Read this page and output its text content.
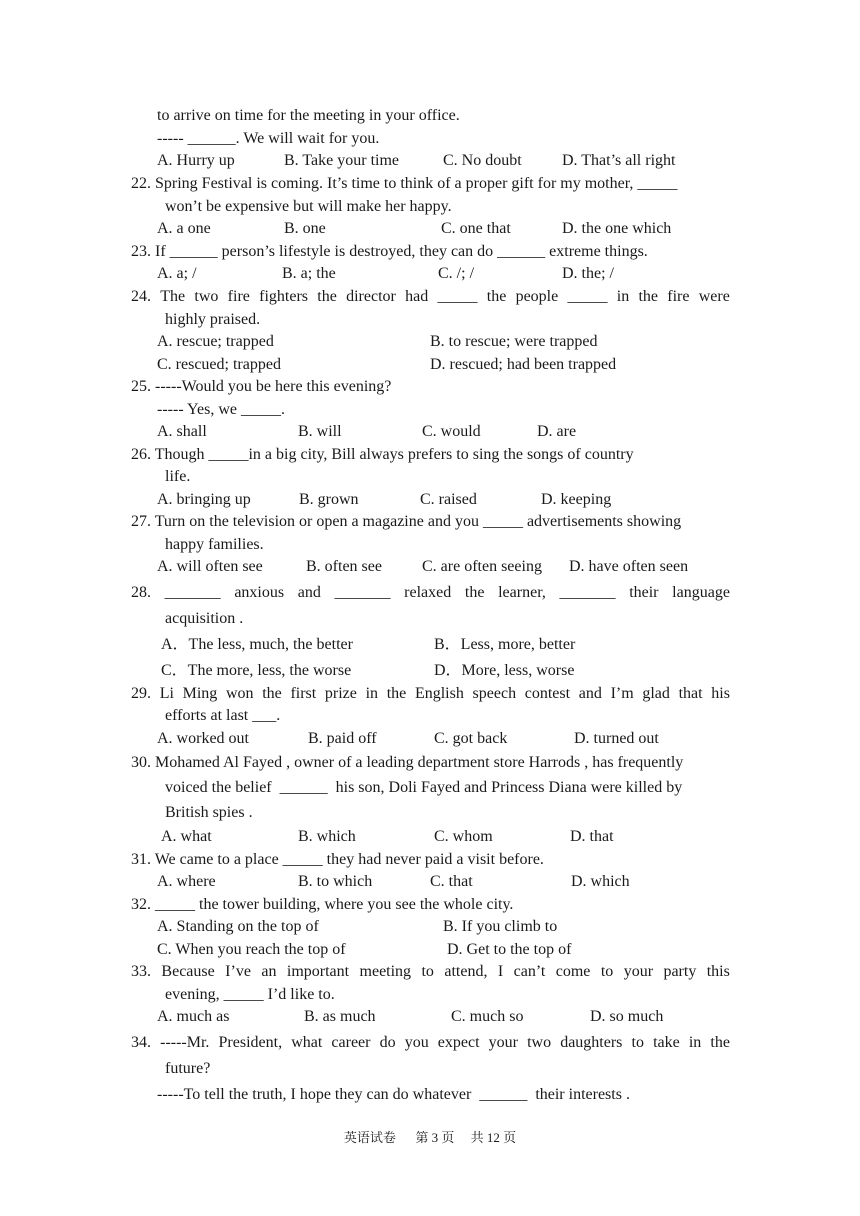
to arrive on time for the meeting in your office.
----- ______. We will wait for you.
A. Hurry up	B. Take your time	C. No doubt	D. That’s all right
22. Spring Festival is coming. It’s time to think of a proper gift for my mother, _____
won’t be expensive but will make her happy.
A. a one	B. one	C. one that	D. the one which
23. If ______ person’s lifestyle is destroyed, they can do ______ extreme things.
A. a; /	B. a; the	C. /; /	D. the; /
24. The two fire fighters the director had _____ the people _____ in the fire were
highly praised.
A. rescue; trapped	B. to rescue; were trapped
C. rescued; trapped	D. rescued; had been trapped
25. -----Would you be here this evening?
----- Yes, we _____.
A. shall	B. will	C. would	D. are
26. Though _____in a big city, Bill always prefers to sing the songs of country
life.
A. bringing up	B. grown	C. raised	D. keeping
27. Turn on the television or open a magazine and you _____ advertisements showing
happy families.
A. will often see	B. often see	C. are often seeing D. have often seen
28. _______ anxious and _______ relaxed the learner, _______ their language
acquisition .
A．The less, much, the better	B．Less, more, better
C．The more, less, the worse	D．More, less, worse
29. Li Ming won the first prize in the English speech contest and I’m glad that his
efforts at last ___.
A. worked out	B. paid off	C. got back	D. turned out
30. Mohamed Al Fayed , owner of a leading department store Harrods , has frequently
voiced the belief  ______  his son, Doli Fayed and Princess Diana were killed by
British spies .
A. what	B. which	C. whom	D. that
31. We came to a place _____ they had never paid a visit before.
A. where	B. to which	C. that	D. which
32. _____ the tower building, where you see the whole city.
A. Standing on the top of	B. If you climb to
C. When you reach the top of	D. Get to the top of
33. Because I’ve an important meeting to attend, I can’t come to your party this
evening, _____ I’d like to.
A. much as	B. as much	C. much so	D. so much
34. -----Mr. President, what career do you expect your two daughters to take in the
future?
-----To tell the truth, I hope they can do whatever  ______  their interests .
英语试卷 第 3 页 共 12 页
